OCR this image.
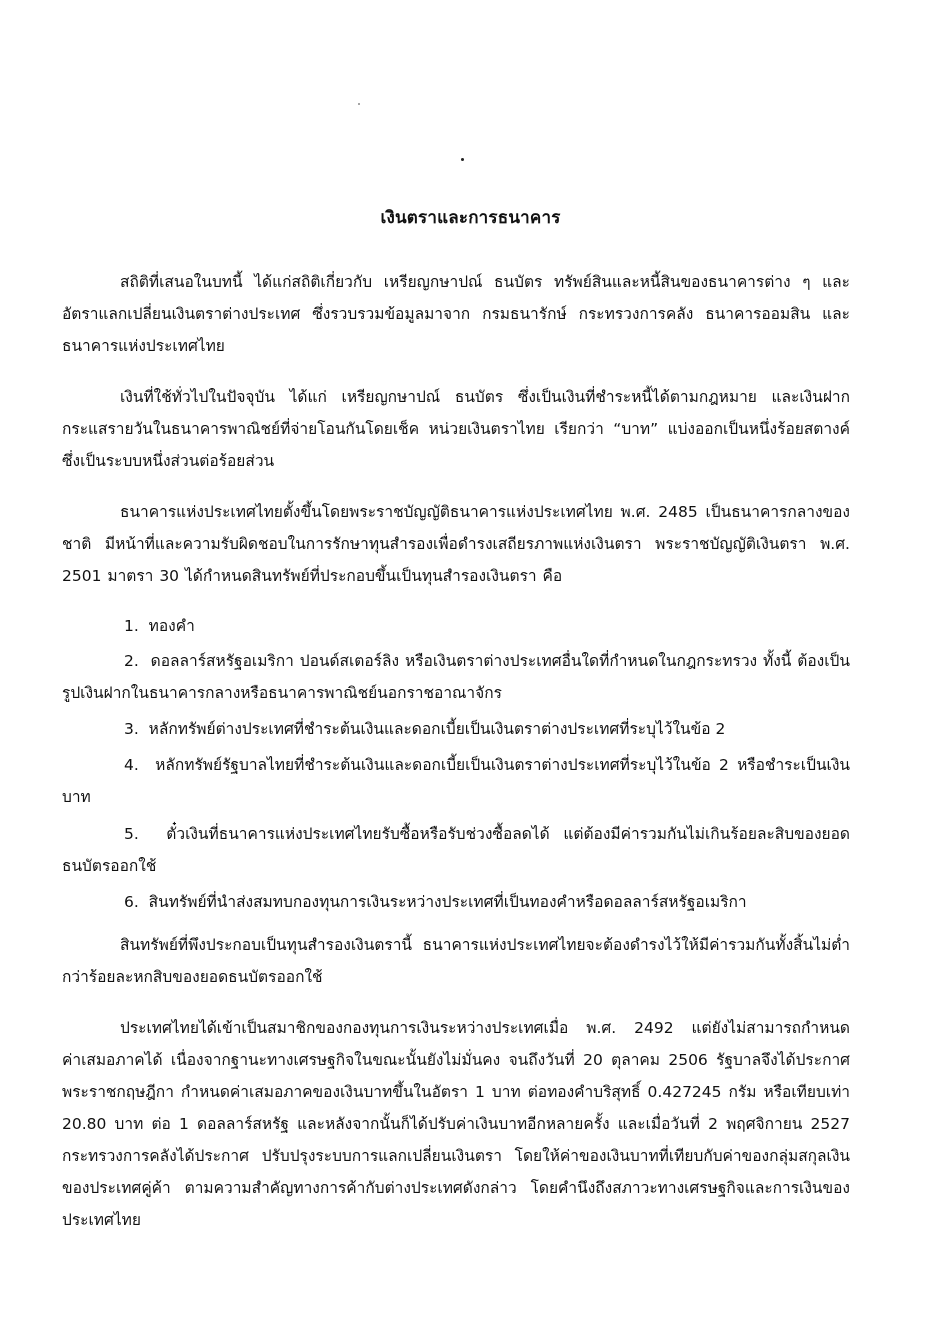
เงินตราและการธนาคาร

สถิติที่เสนอในบทนี้ ได้แก่สถิติเกี่ยวกับ เหรียญกษาปณ์ ธนบัตร ทรัพย์สินและหนี้สินของธนาคารต่าง ๆ และอัตราแลกเปลี่ยนเงินตราต่างประเทศ ซึ่งรวบรวมข้อมูลมาจาก กรมธนารักษ์ กระทรวงการคลัง ธนาคารออมสิน และธนาคารแห่งประเทศไทย

เงินที่ใช้ทั่วไปในปัจจุบัน ได้แก่ เหรียญกษาปณ์ ธนบัตร ซึ่งเป็นเงินที่ชำระหนี้ได้ตามกฎหมาย และเงินฝากกระแสรายวันในธนาคารพาณิชย์ที่จ่ายโอนกันโดยเช็ค หน่วยเงินตราไทย เรียกว่า “บาท” แบ่งออกเป็นหนึ่งร้อยสตางค์ ซึ่งเป็นระบบหนึ่งส่วนต่อร้อยส่วน

ธนาคารแห่งประเทศไทยตั้งขึ้นโดยพระราชบัญญัติธนาคารแห่งประเทศไทย พ.ศ. 2485 เป็นธนาคารกลางของชาติ มีหน้าที่และความรับผิดชอบในการรักษาทุนสำรองเพื่อดำรงเสถียรภาพแห่งเงินตรา พระราชบัญญัติเงินตรา พ.ศ. 2501 มาตรา 30 ได้กำหนดสินทรัพย์ที่ประกอบขึ้นเป็นทุนสำรองเงินตรา คือ

1. ทองคำ

2. ดอลลาร์สหรัฐอเมริกา ปอนด์สเตอร์ลิง หรือเงินตราต่างประเทศอื่นใดที่กำหนดในกฎกระทรวง ทั้งนี้ ต้องเป็นรูปเงินฝากในธนาคารกลางหรือธนาคารพาณิชย์นอกราชอาณาจักร

3. หลักทรัพย์ต่างประเทศที่ชำระต้นเงินและดอกเบี้ยเป็นเงินตราต่างประเทศที่ระบุไว้ในข้อ 2

4. หลักทรัพย์รัฐบาลไทยที่ชำระต้นเงินและดอกเบี้ยเป็นเงินตราต่างประเทศที่ระบุไว้ในข้อ 2 หรือชำระเป็นเงินบาท

5. ตั๋วเงินที่ธนาคารแห่งประเทศไทยรับซื้อหรือรับช่วงซื้อลดได้ แต่ต้องมีค่ารวมกันไม่เกินร้อยละสิบของยอดธนบัตรออกใช้

6. สินทรัพย์ที่นำส่งสมทบกองทุนการเงินระหว่างประเทศที่เป็นทองคำหรือดอลลาร์สหรัฐอเมริกา

สินทรัพย์ที่พึงประกอบเป็นทุนสำรองเงินตรานี้ ธนาคารแห่งประเทศไทยจะต้องดำรงไว้ให้มีค่ารวมกันทั้งสิ้นไม่ต่ำกว่าร้อยละหกสิบของยอดธนบัตรออกใช้

ประเทศไทยได้เข้าเป็นสมาชิกของกองทุนการเงินระหว่างประเทศเมื่อ พ.ศ. 2492 แต่ยังไม่สามารถกำหนดค่าเสมอภาคได้ เนื่องจากฐานะทางเศรษฐกิจในขณะนั้นยังไม่มั่นคง จนถึงวันที่ 20 ตุลาคม 2506 รัฐบาลจึงได้ประกาศพระราชกฤษฎีกา กำหนดค่าเสมอภาคของเงินบาทขึ้นในอัตรา 1 บาท ต่อทองคำบริสุทธิ์ 0.427245 กรัม หรือเทียบเท่า 20.80 บาท ต่อ 1 ดอลลาร์สหรัฐ และหลังจากนั้นก็ได้ปรับค่าเงินบาทอีกหลายครั้ง และเมื่อวันที่ 2 พฤศจิกายน 2527 กระทรวงการคลังได้ประกาศ ปรับปรุงระบบการแลกเปลี่ยนเงินตรา โดยให้ค่าของเงินบาทที่เทียบกับค่าของกลุ่มสกุลเงินของประเทศคู่ค้า ตามความสำคัญทางการค้ากับต่างประเทศดังกล่าว โดยคำนึงถึงสภาวะทางเศรษฐกิจและการเงินของประเทศไทย
